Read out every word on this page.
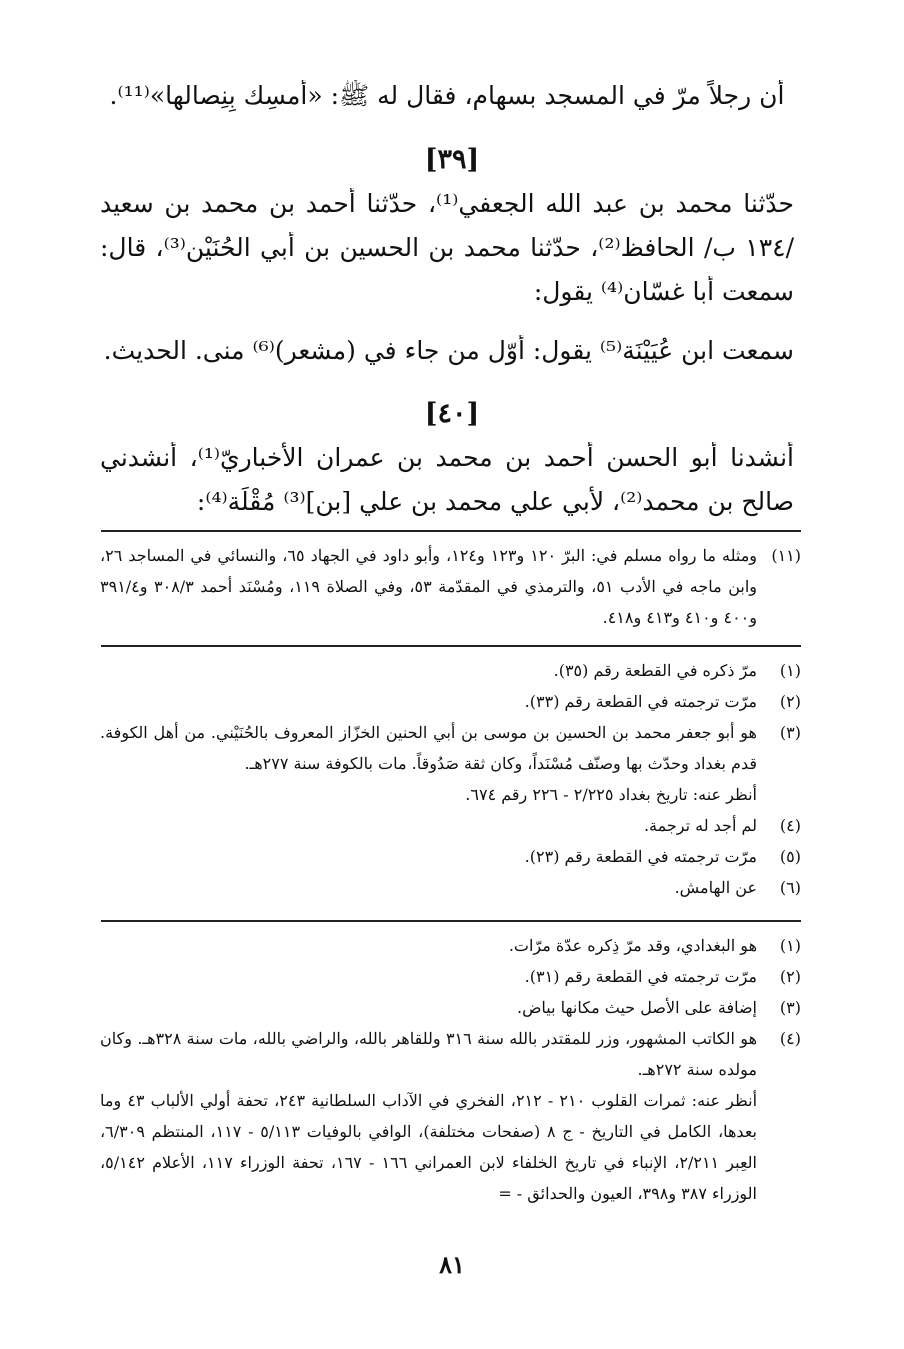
أن رجلاً مرّ في المسجد بسهام، فقال له ﷺ: «أَمسِك بِنِصالها»⁽¹¹⁾.
[٣٩]
حدّثنا محمد بن عبد الله الجعفي⁽¹⁾، حدّثنا أحمد بن محمد بن سعيد
/١٣٤ ب/ الحافظ⁽²⁾، حدّثنا محمد بن الحسين بن أبي الحُنَيْن⁽³⁾، قال:
سمعت أبا غسّان⁽⁴⁾ يقول:
سمعت ابن عُيَيْنَة⁽⁵⁾ يقول: أوّل من جاء في (مشعر)⁽⁶⁾ منى. الحديث.
[٤٠]
أنشدنا أبو الحسن أحمد بن محمد بن عمران الأخباريّ⁽¹⁾، أنشدني
صالح بن محمد⁽²⁾، لأبي علي محمد بن علي [بن]⁽³⁾ مُقْلَة⁽⁴⁾:
(١١)
ومثله ما رواه مسلم في: البرّ ١٢٠ و١٢٣ و١٢٤، وأبو داود في الجهاد ٦٥، والنسائي في المساجد ٢٦، وابن ماجه في الأدب ٥١، والترمذي في المقدّمة ٥٣، وفي الصلاة ١١٩، ومُسْنَد أحمد ٣٠٨/٣ و٣٩١/٤ و٤٠٠ و٤١٠ و٤١٣ و٤١٨.
(١)
مرّ ذكره في القطعة رقم (٣٥).
(٢)
مرّت ترجمته في القطعة رقم (٣٣).
(٣)
هو أبو جعفر محمد بن الحسين بن موسى بن أبي الحنين الخزّاز المعروف بالحُنَيْني. من أهل الكوفة. قدم بغداد وحدّث بها وصنّف مُسْنَداً، وكان ثقة صَدُوقاً. مات بالكوفة سنة ٢٧٧هـ.
أنظر عنه: تاريخ بغداد ٢/٢٢٥ - ٢٢٦ رقم ٦٧٤.
(٤)
لم أجد له ترجمة.
(٥)
مرّت ترجمته في القطعة رقم (٢٣).
(٦)
عن الهامش.
(١)
هو البغدادي، وقد مرّ ذِكره عدّة مرّات.
(٢)
مرّت ترجمته في القطعة رقم (٣١).
(٣)
إضافة على الأصل حيث مكانها بياض.
(٤)
هو الكاتب المشهور، وزر للمقتدر بالله سنة ٣١٦ وللقاهر بالله، والراضي بالله، مات سنة ٣٢٨هـ. وكان مولده سنة ٢٧٢هـ.
أنظر عنه: ثمرات القلوب ٢١٠ - ٢١٢، الفخري في الآداب السلطانية ٢٤٣، تحفة أولي الألباب ٤٣ وما بعدها، الكامل في التاريخ - ج ٨ (صفحات مختلفة)، الوافي بالوفيات ٥/١١٣ - ١١٧، المنتظم ٦/٣٠٩، العِبر ٢/٢١١، الإنباء في تاريخ الخلفاء لابن العمراني ١٦٦ - ١٦٧، تحفة الوزراء ١١٧، الأعلام ٥/١٤٢، الوزراء ٣٨٧ و٣٩٨، العيون والحدائق - =
٨١
